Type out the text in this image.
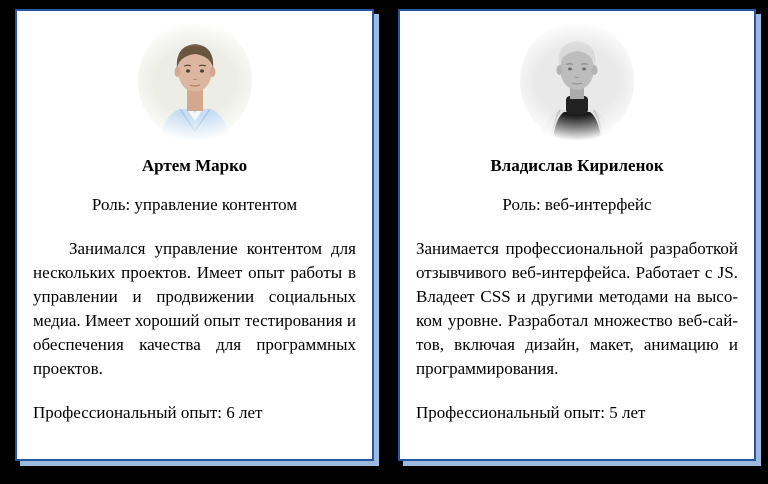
Артем Марко
Роль: управление контентом
Занимался управление контентом для нескольких проектов. Имеет опыт работы в управлении и продвижении социальных медиа. Имеет хороший опыт тестирования и обеспечения качества для программных проектов.
Профессиональный опыт: 6 лет
Владислав Кириленок
Роль: веб-интерфейс
Занимается профессиональной разработкой отзывчивого веб-интерфейса. Работает с JS. Владеет CSS и другими методами на высоком уровне. Разработал множество веб-сайтов, включая дизайн, макет, анимацию и программирования.
Профессиональный опыт: 5 лет
